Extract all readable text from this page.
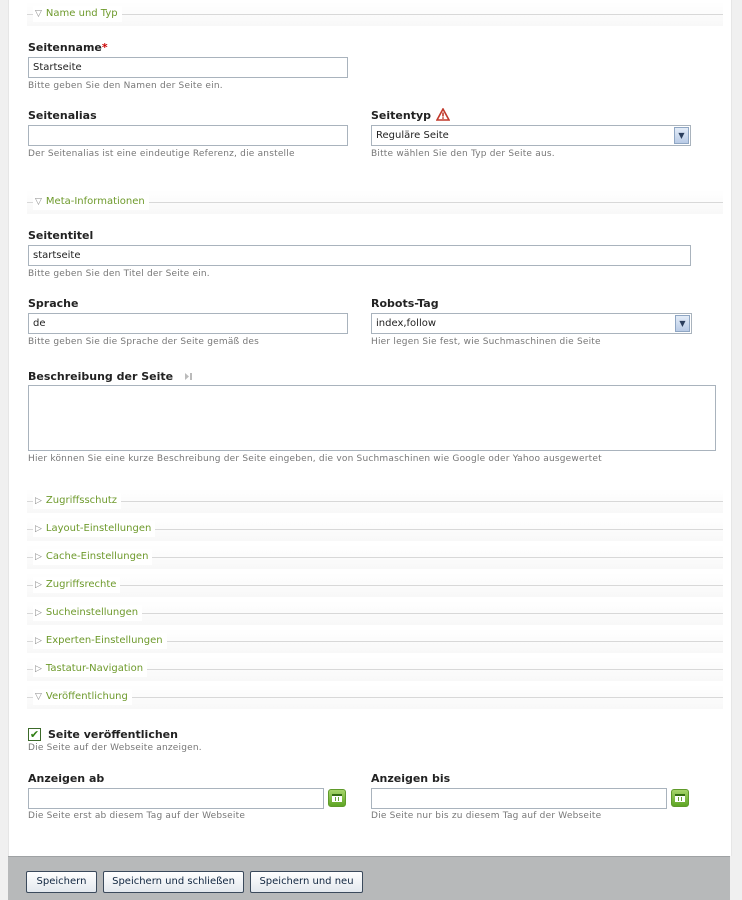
▽ Name und Typ
Seitenname*
Startseite
Bitte geben Sie den Namen der Seite ein.
Seitenalias
Der Seitenalias ist eine eindeutige Referenz, die anstelle
Seitentyp
Reguläre Seite	▼
Bitte wählen Sie den Typ der Seite aus.
▽ Meta-Informationen
Seitentitel
startseite
Bitte geben Sie den Titel der Seite ein.
Sprache
de
Bitte geben Sie die Sprache der Seite gemäß des
Robots-Tag
index,follow	▼
Hier legen Sie fest, wie Suchmaschinen die Seite
Beschreibung der Seite
Hier können Sie eine kurze Beschreibung der Seite eingeben, die von Suchmaschinen wie Google oder Yahoo ausgewertet
▷ Zugriffsschutz
▷ Layout-Einstellungen
▷ Cache-Einstellungen
▷ Zugriffsrechte
▷ Sucheinstellungen
▷ Experten-Einstellungen
▷ Tastatur-Navigation
▽ Veröffentlichung
✔ Seite veröffentlichen
Die Seite auf der Webseite anzeigen.
Anzeigen ab
Die Seite erst ab diesem Tag auf der Webseite
Anzeigen bis
Die Seite nur bis zu diesem Tag auf der Webseite
Speichern	Speichern und schließen	Speichern und neu
